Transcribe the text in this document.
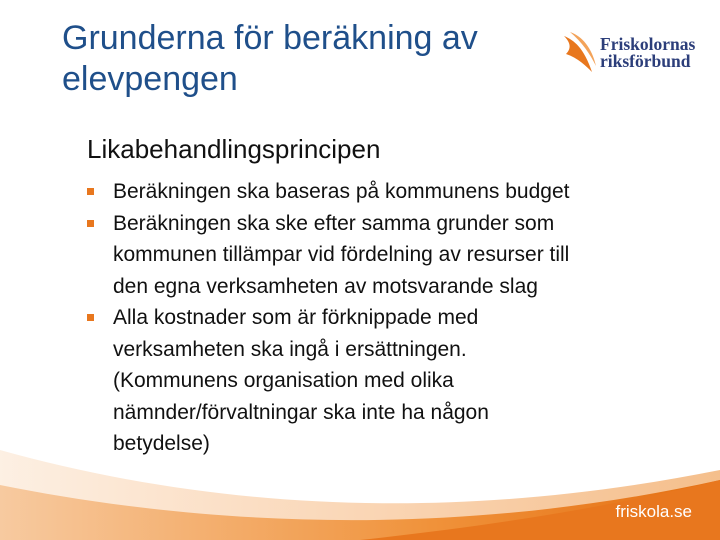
Grunderna för beräkning av
elevpengen
Friskolornas
riksförbund
Likabehandlingsprincipen
Beräkningen ska baseras på kommunens budget
Beräkningen ska ske efter samma grunder som
kommunen tillämpar vid fördelning av resurser till
den egna verksamheten av motsvarande slag
Alla kostnader som är förknippade med
verksamheten ska ingå i ersättningen.
(Kommunens organisation med olika
nämnder/förvaltningar ska inte ha någon
betydelse)
friskola.se
